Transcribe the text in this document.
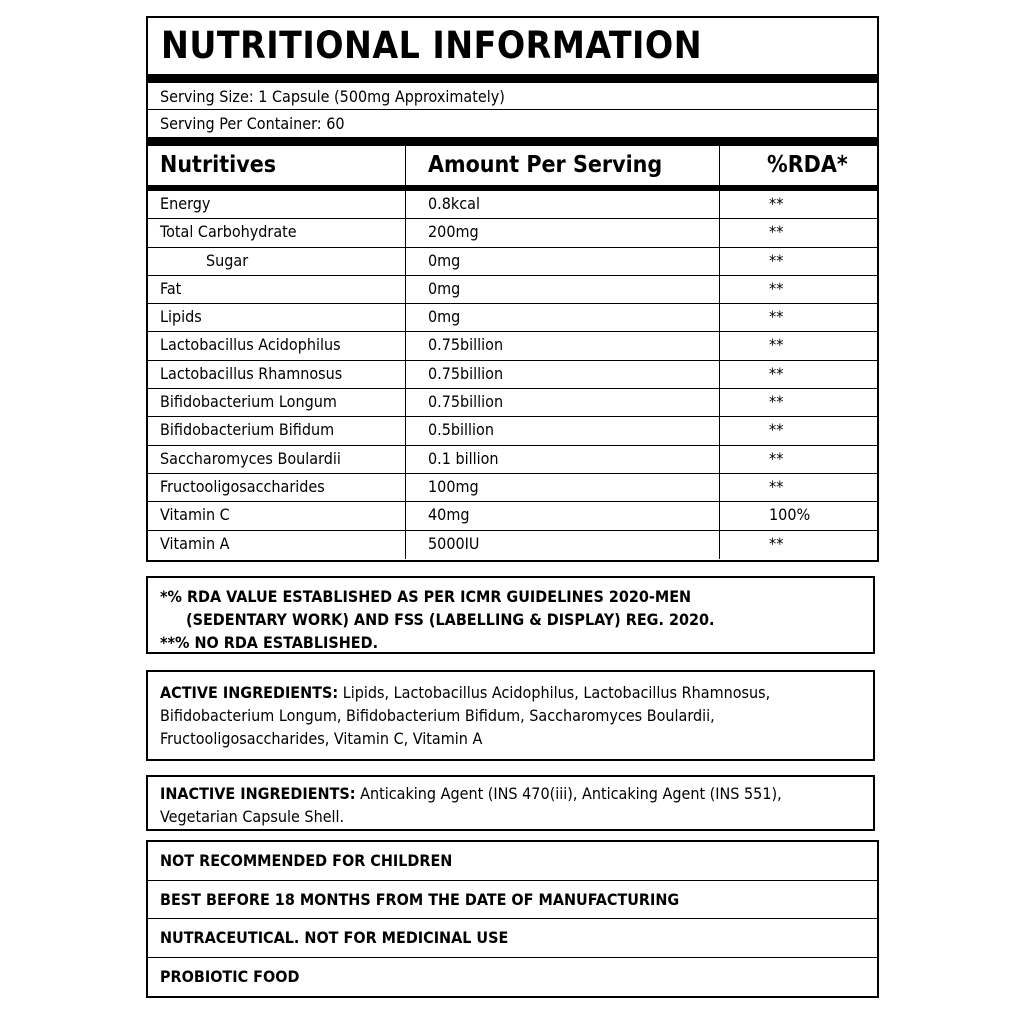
NUTRITIONAL INFORMATION
Serving Size: 1 Capsule (500mg Approximately)
Serving Per Container: 60
Nutritives	Amount Per Serving	%RDA*
Energy	0.8kcal	**
Total Carbohydrate	200mg	**
Sugar	0mg	**
Fat	0mg	**
Lipids	0mg	**
Lactobacillus Acidophilus	0.75billion	**
Lactobacillus Rhamnosus	0.75billion	**
Bifidobacterium Longum	0.75billion	**
Bifidobacterium Bifidum	0.5billion	**
Saccharomyces Boulardii	0.1 billion	**
Fructooligosaccharides	100mg	**
Vitamin C	40mg	100%
Vitamin A	5000IU	**
*% RDA VALUE ESTABLISHED AS PER ICMR GUIDELINES 2020-MEN
(SEDENTARY WORK) AND FSS (LABELLING & DISPLAY) REG. 2020.
**% NO RDA ESTABLISHED.
ACTIVE INGREDIENTS: Lipids, Lactobacillus Acidophilus, Lactobacillus Rhamnosus, Bifidobacterium Longum, Bifidobacterium Bifidum, Saccharomyces Boulardii, Fructooligosaccharides, Vitamin C, Vitamin A
INACTIVE INGREDIENTS: Anticaking Agent (INS 470(iii), Anticaking Agent (INS 551), Vegetarian Capsule Shell.
NOT RECOMMENDED FOR CHILDREN
BEST BEFORE 18 MONTHS FROM THE DATE OF MANUFACTURING
NUTRACEUTICAL. NOT FOR MEDICINAL USE
PROBIOTIC FOOD
